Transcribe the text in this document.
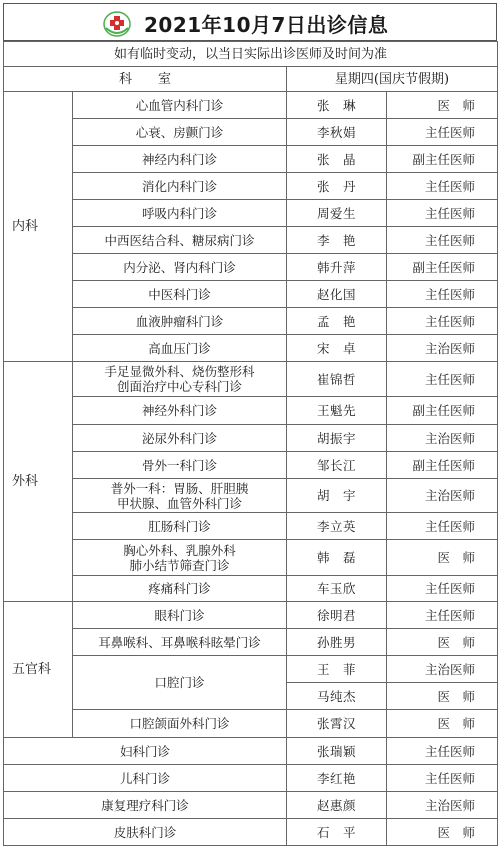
2021年10月7日出诊信息
如有临时变动，以当日实际出诊医师及时间为准			
科　　室		星期四(国庆节假期)	
内科	心血管内科门诊	张　琳	医　师
	心衰、房颤门诊	李秋娟	主任医师
	神经内科门诊	张　晶	副主任医师
	消化内科门诊	张　丹	主任医师
	呼吸内科门诊	周爱生	主任医师
	中西医结合科、糖尿病门诊	李　艳	主任医师
	内分泌、肾内科门诊	韩升萍	副主任医师
	中医科门诊	赵化国	主任医师
	血液肿瘤科门诊	孟　艳	主任医师
	高血压门诊	宋　卓	主治医师
外科	手足显微外科、烧伤整形科
创面治疗中心专科门诊	崔锦哲	主任医师
	神经外科门诊	王魁先	副主任医师
	泌尿外科门诊	胡振宇	主治医师
	骨外一科门诊	邹长江	副主任医师

	普外一科：胃肠、肝胆胰
甲状腺、血管外科门诊	胡　宇	主治医师
	肛肠科门诊	李立英	主任医师

	胸心外科、乳腺外科
肺小结节筛查门诊	韩　磊	医　师
	疼痛科门诊	车玉欣	主任医师
五官科	眼科门诊	徐明君	主任医师
	耳鼻喉科、耳鼻喉科眩晕门诊	孙胜男	医　师
	口腔门诊	王　菲	主治医师
		马纯杰	医　师
	口腔颌面外科门诊	张霄汉	医　师
妇科门诊		张瑞颖	主任医师
儿科门诊		李红艳	主任医师
康复理疗科门诊		赵惠颜	主治医师
皮肤科门诊		石　平	医　师
